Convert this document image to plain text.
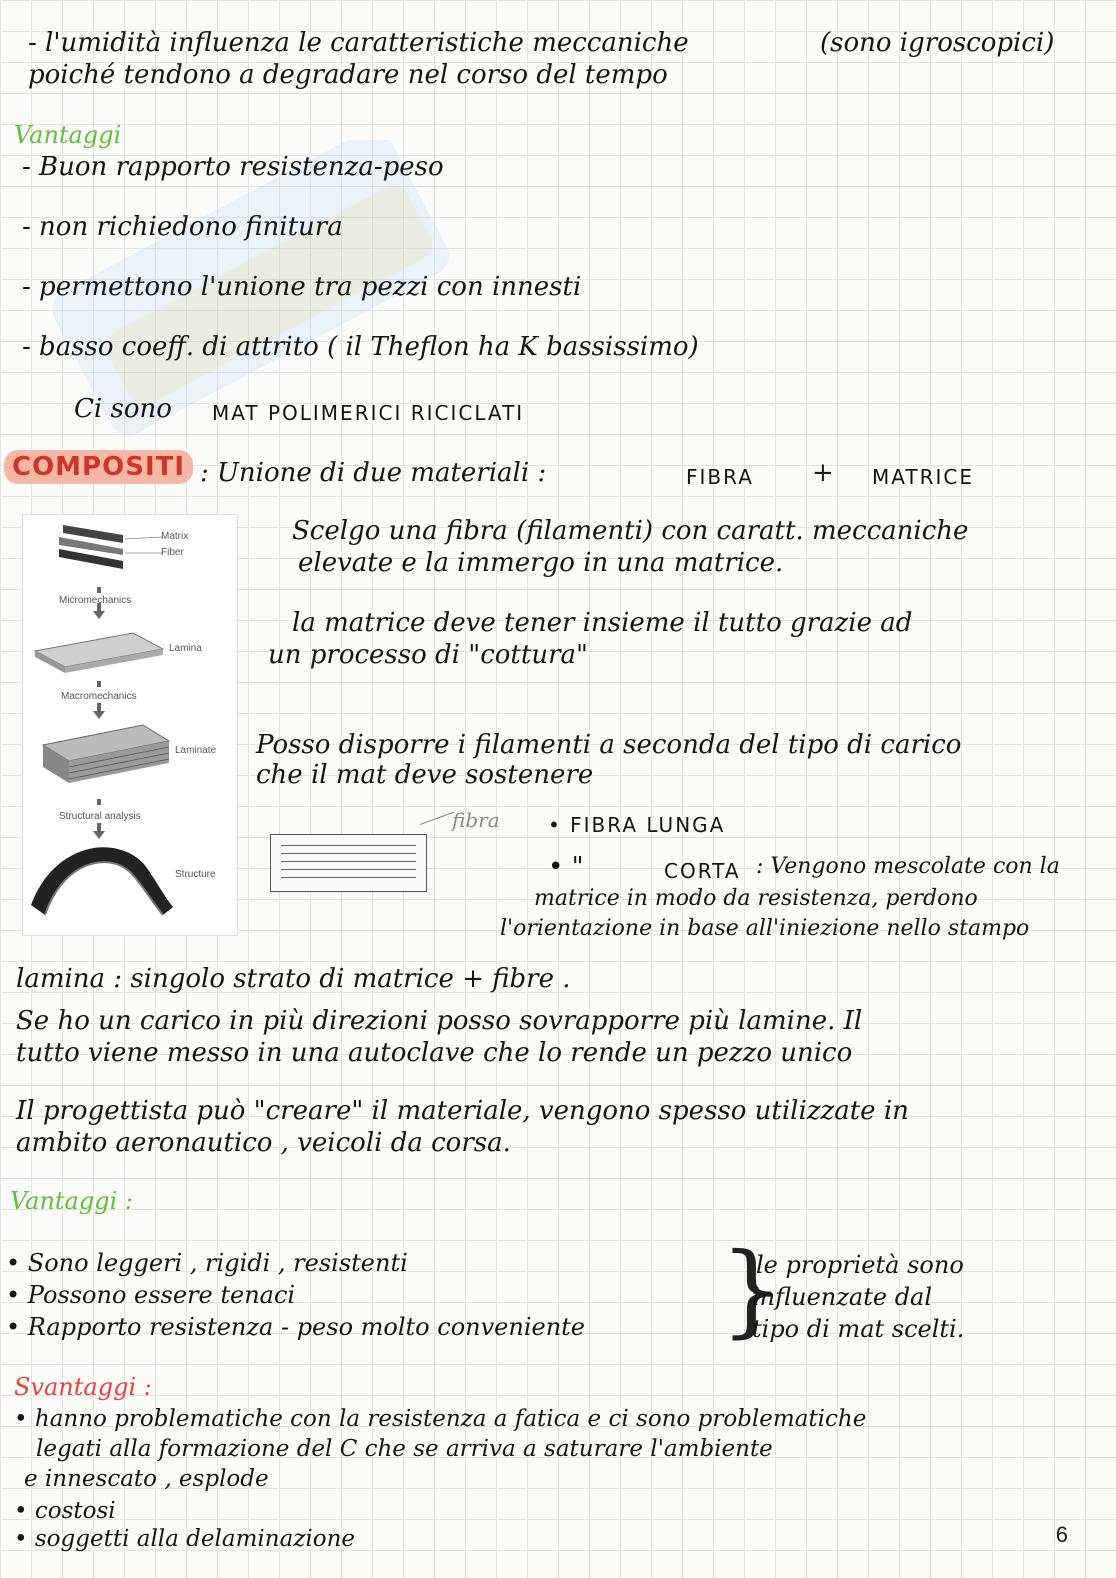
- l'umidità influenza le caratteristiche meccaniche	(sono igroscopici)
poiché tendono a degradare nel corso del tempo
Vantaggi
- Buon rapporto resistenza-peso
- non richiedono finitura
- permettono l'unione tra pezzi con innesti
- basso coeff. di attrito ( il Theflon ha K bassissimo)
Ci sono MAT POLIMERICI RICICLATI
COMPOSITI : Unione di due materiali :	FIBRA + MATRICE
Matrix
Fiber
Micromechanics
Lamina
Macromechanics
Laminate
Structural analysis
Structure
Scelgo una fibra (filamenti) con caratt. meccaniche
elevate e la immergo in una matrice.
la matrice deve tener insieme il tutto grazie ad
un processo di "cottura"
Posso disporre i filamenti a seconda del tipo di carico
che il mat deve sostenere
fibra • FIBRA LUNGA
• "	CORTA : Vengono mescolate con la
matrice in modo da resistenza, perdono
l'orientazione in base all'iniezione nello stampo
lamina : singolo strato di matrice + fibre .
Se ho un carico in più direzioni posso sovrapporre più lamine. Il
tutto viene messo in una autoclave che lo rende un pezzo unico
Il progettista può "creare" il materiale, vengono spesso utilizzate in
ambito aeronautico , veicoli da corsa.
Vantaggi :
• Sono leggeri , rigidi , resistenti
• Possono essere tenaci
• Rapporto resistenza - peso molto conveniente }
le proprietà sono
influenzate dal
tipo di mat scelti.
Svantaggi :
• hanno problematiche con la resistenza a fatica e ci sono problematiche
legati alla formazione del C che se arriva a saturare l'ambiente
e innescato , esplode
• costosi
• soggetti alla delaminazione	6
